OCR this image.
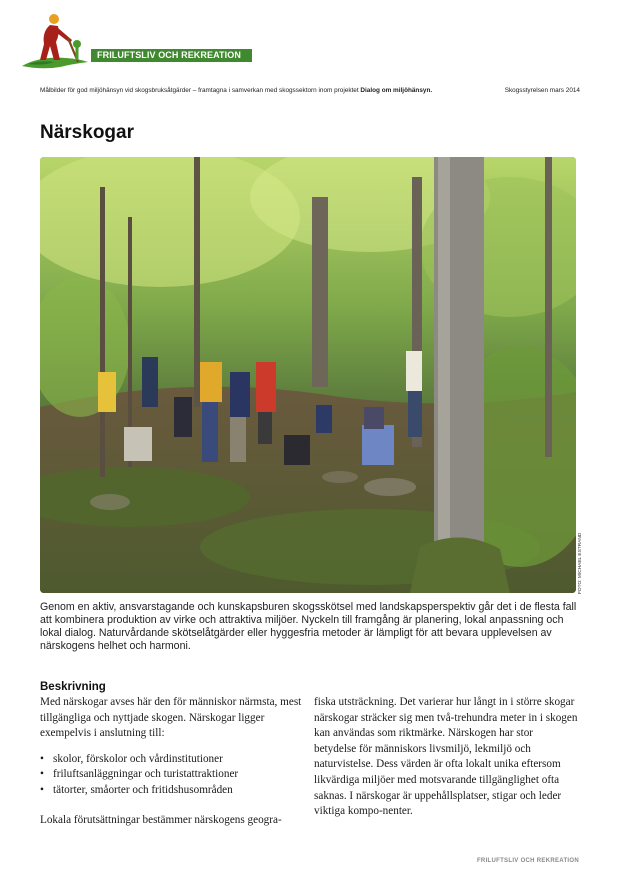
FRILUFTSLIV OCH REKREATION
Målbilder för god miljöhänsyn vid skogsbruksåtgärder – framtagna i samverkan med skogssektorn inom projektet Dialog om miljöhänsyn.	Skogsstyrelsen mars 2014
Närskogar
FOTO: MICHAEL ESTRAND

Genom en aktiv, ansvarstagande och kunskapsburen skogsskötsel med landskapsperspektiv går det i de flesta fall att kombinera produktion av virke och attraktiva miljöer. Nyckeln till framgång är planering, lokal anpassning och lokal dialog. Naturvårdande skötselåtgärder eller hyggesfria metoder är lämpligt för att bevara upplevelsen av närskogens helhet och harmoni.

Beskrivning

Med närskogar avses här den för människor närmsta, mest tillgängliga och nyttjade skogen. Närskogar ligger exempelvis i anslutning till:

• skolor, förskolor och vårdinstitutioner
• friluftsanläggningar och turistattraktioner
• tätorter, småorter och fritidshusområden

Lokala förutsättningar bestämmer närskogens geogra-

fiska utsträckning. Det varierar hur långt in i större skogar närskogar sträcker sig men två-trehundra meter in i skogen kan användas som riktmärke. Närskogen har stor betydelse för människors livsmiljö, lekmiljö och naturvistelse. Dess värden är ofta lokalt unika eftersom likvärdiga miljöer med motsvarande tillgänglighet ofta saknas. I närskogar är uppehållsplatser, stigar och leder viktiga kompo-nenter.

FRILUFTSLIV OCH REKREATION
